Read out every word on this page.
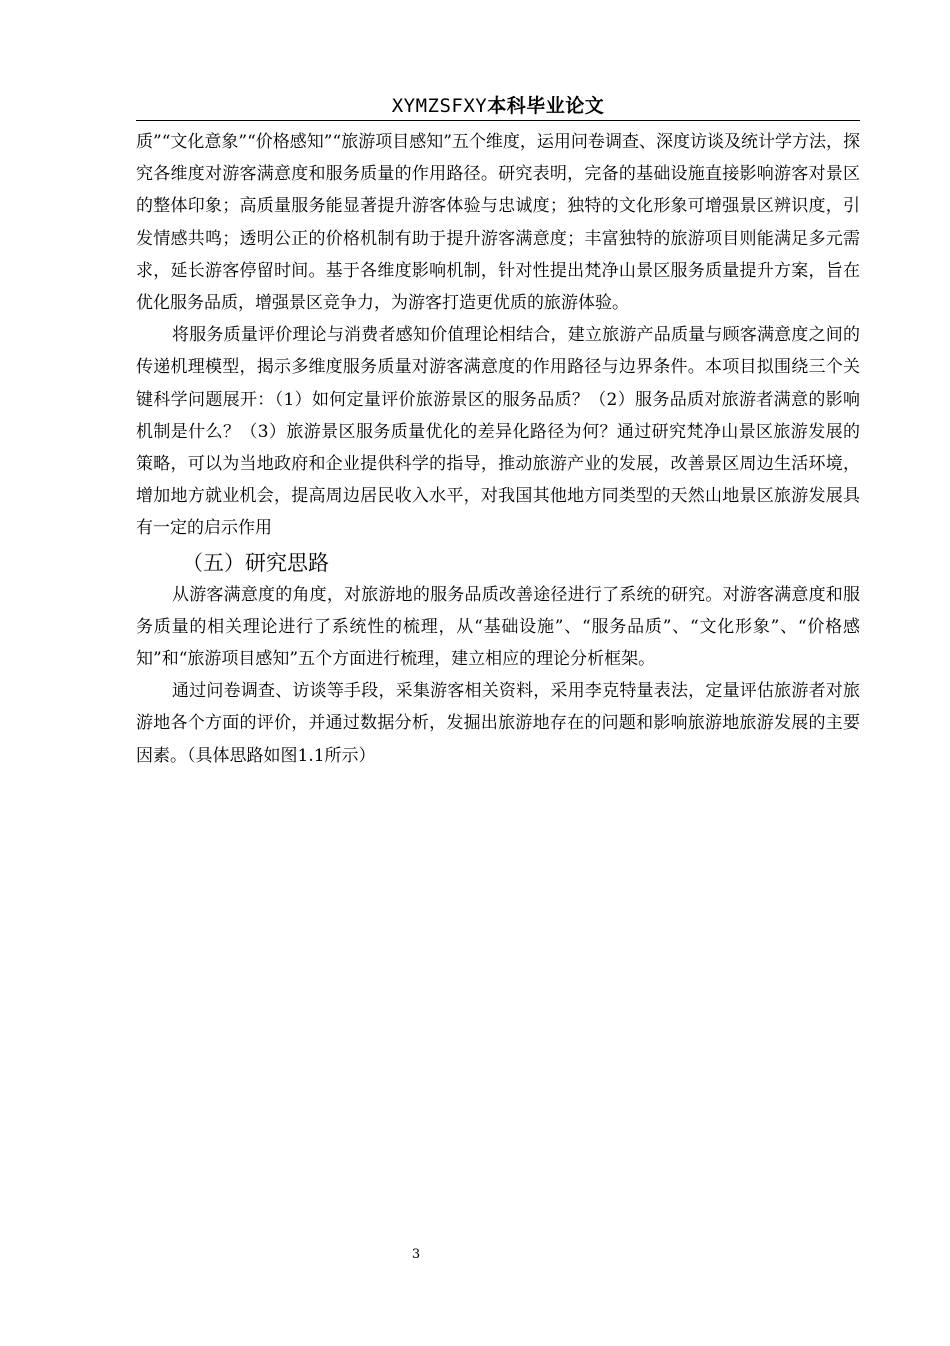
XYMZSFXY本科毕业论文

质”“文化意象”“价格感知”“旅游项目感知”五个维度，运用问卷调查、深度访谈及统计学方法，探究各维度对游客满意度和服务质量的作用路径。研究表明，完备的基础设施直接影响游客对景区的整体印象；高质量服务能显著提升游客体验与忠诚度；独特的文化形象可增强景区辨识度，引发情感共鸣；透明公正的价格机制有助于提升游客满意度；丰富独特的旅游项目则能满足多元需求，延长游客停留时间。基于各维度影响机制，针对性提出梵净山景区服务质量提升方案，旨在优化服务品质，增强景区竞争力，为游客打造更优质的旅游体验。

将服务质量评价理论与消费者感知价值理论相结合，建立旅游产品质量与顾客满意度之间的传递机理模型，揭示多维度服务质量对游客满意度的作用路径与边界条件。本项目拟围绕三个关键科学问题展开：（1）如何定量评价旅游景区的服务品质？（2）服务品质对旅游者满意的影响机制是什么？（3）旅游景区服务质量优化的差异化路径为何？通过研究梵净山景区旅游发展的策略，可以为当地政府和企业提供科学的指导，推动旅游产业的发展，改善景区周边生活环境，增加地方就业机会，提高周边居民收入水平，对我国其他地方同类型的天然山地景区旅游发展具有一定的启示作用

（五）研究思路

从游客满意度的角度，对旅游地的服务品质改善途径进行了系统的研究。对游客满意度和服务质量的相关理论进行了系统性的梳理，从“基础设施”、“服务品质”、“文化形象”、“价格感知”和“旅游项目感知”五个方面进行梳理，建立相应的理论分析框架。

通过问卷调查、访谈等手段，采集游客相关资料，采用李克特量表法，定量评估旅游者对旅游地各个方面的评价，并通过数据分析，发掘出旅游地存在的问题和影响旅游地旅游发展的主要因素。（具体思路如图1.1所示）

3
